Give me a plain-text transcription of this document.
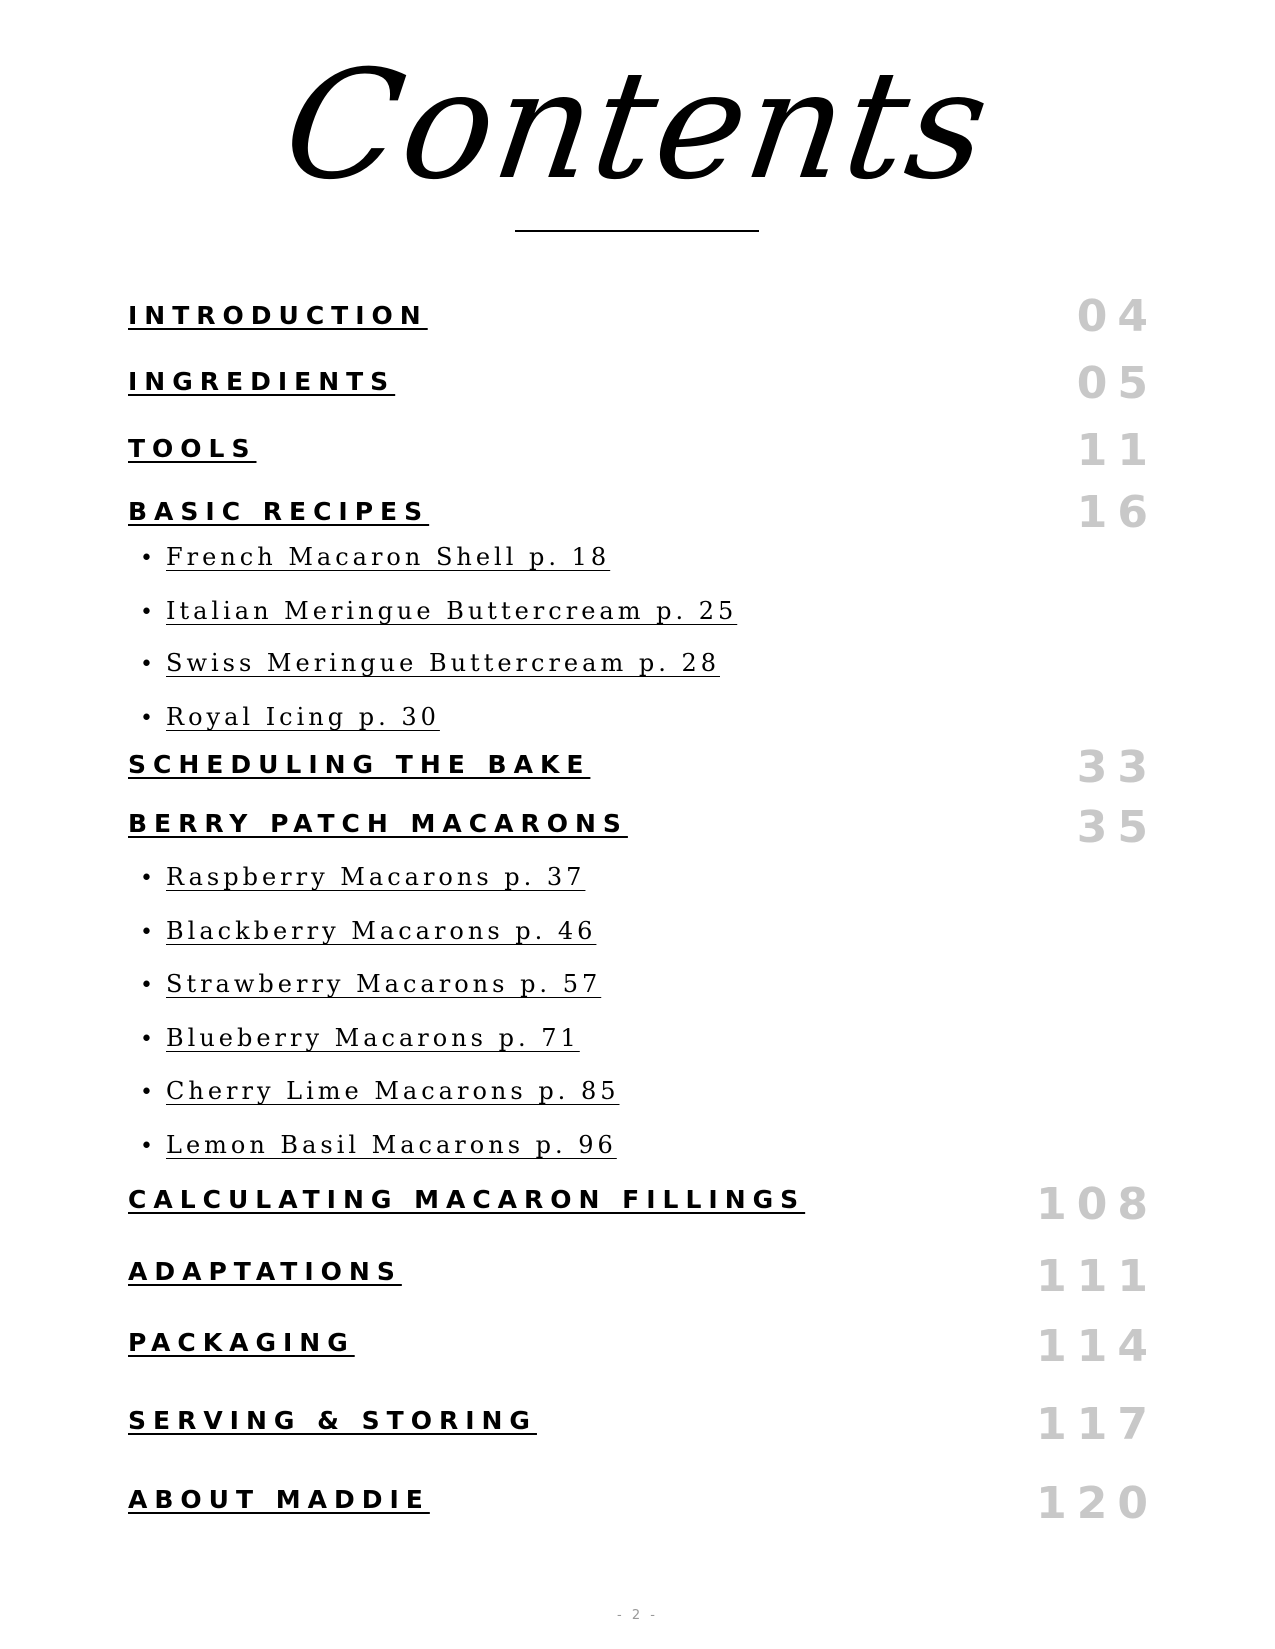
Contents
INTRODUCTION	04
INGREDIENTS	05
TOOLS	11
BASIC RECIPES	16
• French Macaron Shell p. 18
• Italian Meringue Buttercream p. 25
• Swiss Meringue Buttercream p. 28
• Royal Icing p. 30
SCHEDULING THE BAKE	33
BERRY PATCH MACARONS	35
• Raspberry Macarons p. 37
• Blackberry Macarons p. 46
• Strawberry Macarons p. 57
• Blueberry Macarons p. 71
• Cherry Lime Macarons p. 85
• Lemon Basil Macarons p. 96
CALCULATING MACARON FILLINGS	108
ADAPTATIONS	111
PACKAGING	114
SERVING & STORING	117
ABOUT MADDIE	120
- 2 -
